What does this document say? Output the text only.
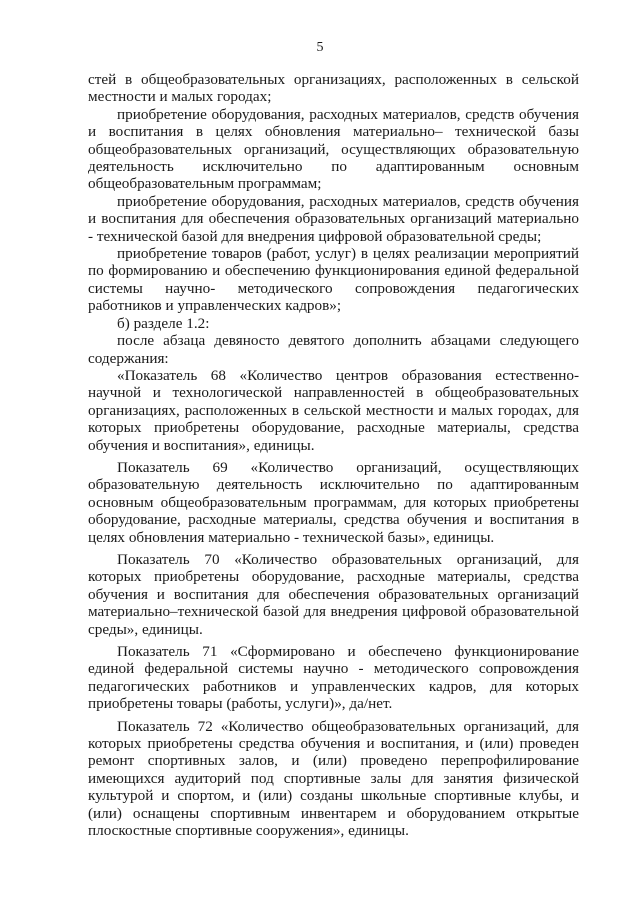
5
стей в общеобразовательных организациях, расположенных в сельской

местности и малых городах;

приобретение оборудования, расходных материалов, средств обучения и воспитания в целях обновления материально– технической базы общеобразовательных организаций, осуществляющих образовательную деятельность исключительно по адаптированным основным общеобразовательным программам;

приобретение оборудования, расходных материалов, средств обучения и воспитания для обеспечения образовательных организаций материально - технической базой для внедрения цифровой образовательной среды;

приобретение товаров (работ, услуг) в целях реализации мероприятий по формированию и обеспечению функционирования единой федеральной системы научно- методического сопровождения педагогических работников и управленческих кадров»;

б) разделе 1.2:

после абзаца девяносто девятого дополнить абзацами следующего содержания:

«Показатель 68 «Количество центров образования естественно-научной и технологической направленностей в общеобразовательных организациях, расположенных в сельской местности и малых городах, для которых приобретены оборудование, расходные материалы, средства обучения и воспитания», единицы.

Показатель 69 «Количество организаций, осуществляющих образовательную деятельность исключительно по адаптированным основным общеобразовательным программам, для которых приобретены оборудование, расходные материалы, средства обучения и воспитания в целях обновления материально - технической базы», единицы.

Показатель 70 «Количество образовательных организаций, для которых приобретены оборудование, расходные материалы, средства обучения и воспитания для обеспечения образовательных организаций материально–технической базой для внедрения цифровой образовательной среды», единицы.

Показатель 71 «Сформировано и обеспечено функционирование единой федеральной системы научно - методического сопровождения педагогических работников и управленческих кадров, для которых приобретены товары (работы, услуги)», да/нет.

Показатель 72 «Количество общеобразовательных организаций, для которых приобретены средства обучения и воспитания, и (или) проведен ремонт спортивных залов, и (или) проведено перепрофилирование имеющихся аудиторий под спортивные залы для занятия физической культурой и спортом, и (или) созданы школьные спортивные клубы, и (или) оснащены спортивным инвентарем и оборудованием открытые плоскостные спортивные сооружения», единицы.
